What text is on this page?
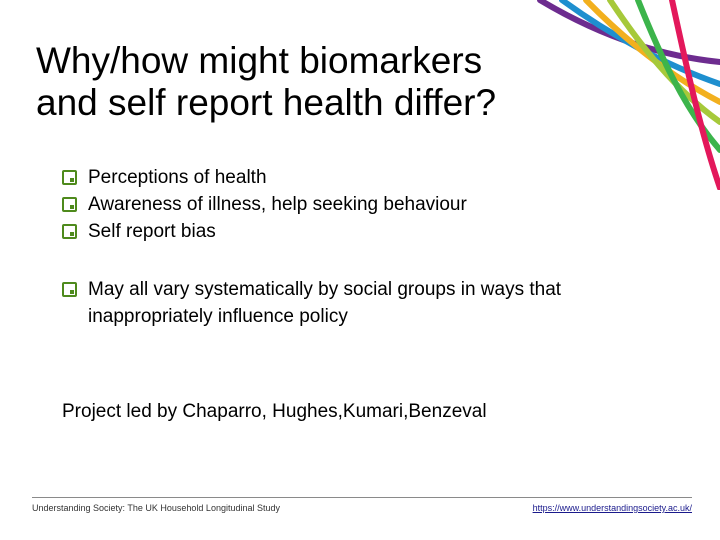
Why/how might biomarkers
and self report health differ?
Perceptions of health
Awareness of illness, help seeking behaviour
Self report bias
May all vary systematically by social groups in ways that inappropriately influence policy
Project led by Chaparro, Hughes,Kumari,Benzeval
Understanding Society: The UK Household Longitudinal Study	https://www.understandingsociety.ac.uk/
